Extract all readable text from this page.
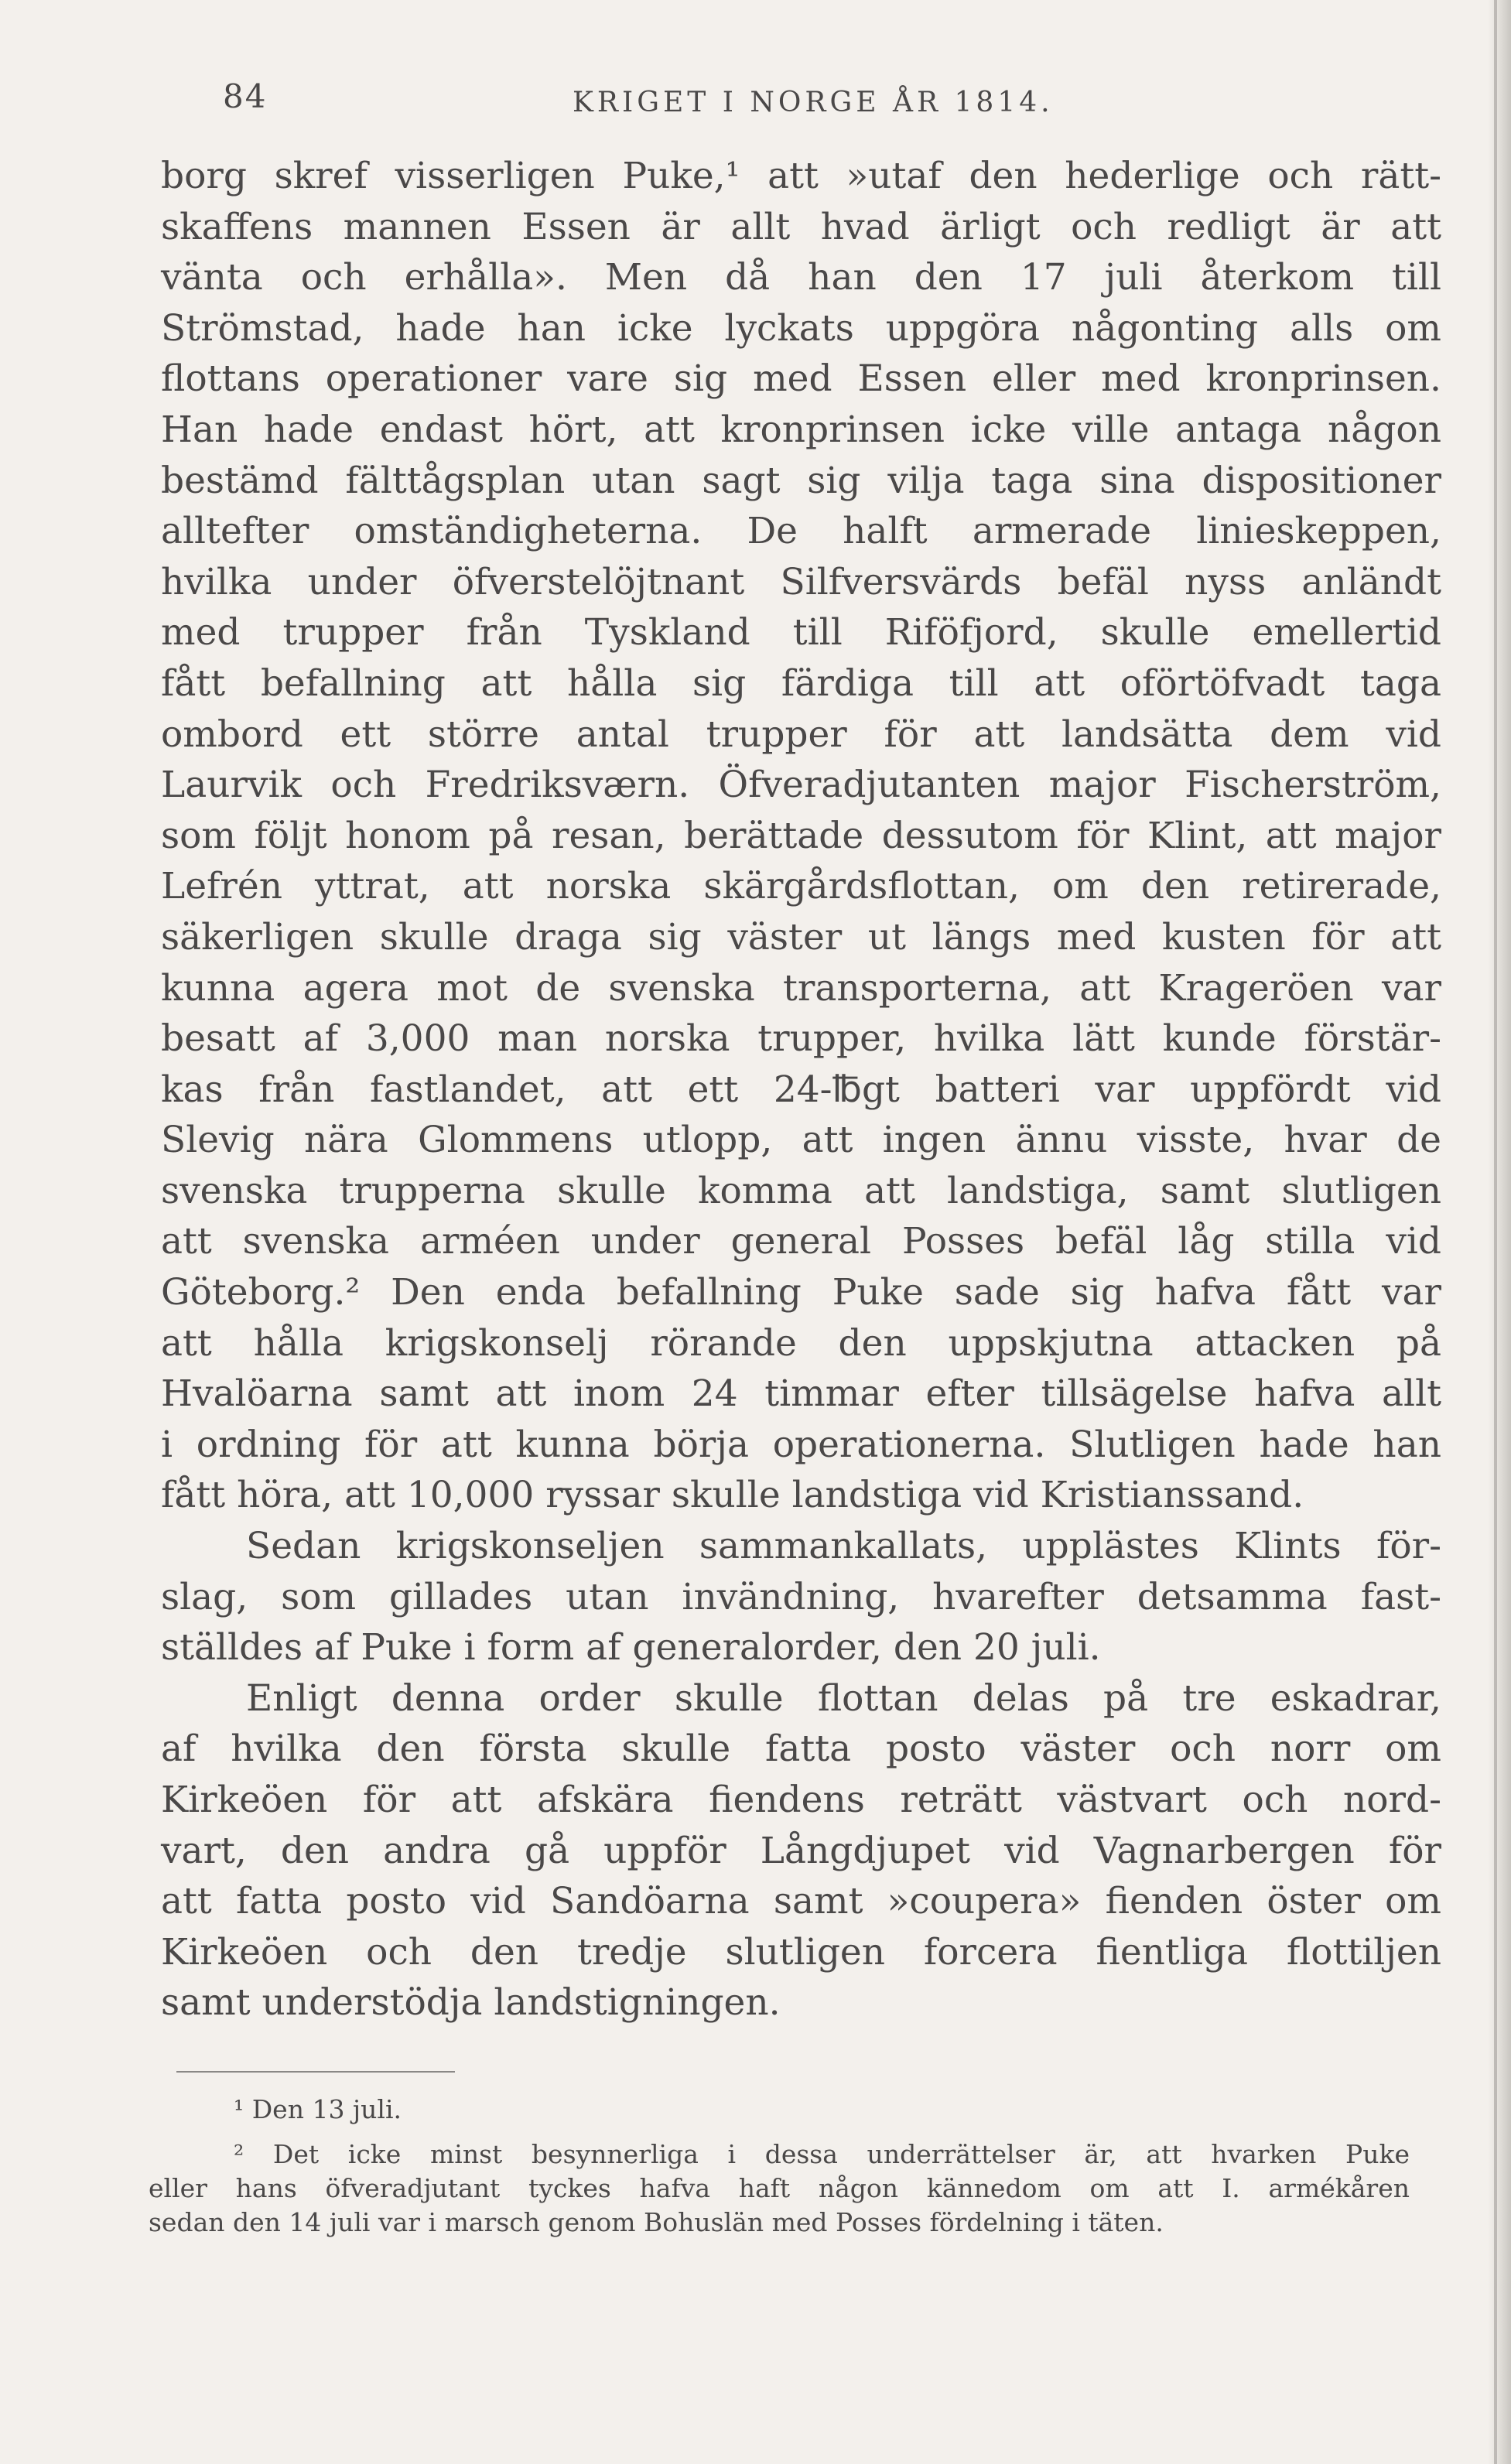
84	KRIGET I NORGE ÅR 1814.
borg skref visserligen Puke,¹ att »utaf den hederlige och rätt-
skaffens mannen Essen är allt hvad ärligt och redligt är att
vänta och erhålla». Men då han den 17 juli återkom till
Strömstad, hade han icke lyckats uppgöra någonting alls om
flottans operationer vare sig med Essen eller med kronprinsen.
Han hade endast hört, att kronprinsen icke ville antaga någon
bestämd fälttågsplan utan sagt sig vilja taga sina dispositioner
alltefter omständigheterna. De halft armerade linieskeppen,
hvilka under öfverstelöjtnant Silfversvärds befäl nyss anländt
med trupper från Tyskland till Riföfjord, skulle emellertid
fått befallning att hålla sig färdiga till att oförtöfvadt taga
ombord ett större antal trupper för att landsätta dem vid
Laurvik och Fredriksværn. Öfveradjutanten major Fischerström,
som följt honom på resan, berättade dessutom för Klint, att major
Lefrén yttrat, att norska skärgårdsflottan, om den retirerade,
säkerligen skulle draga sig väster ut längs med kusten för att
kunna agera mot de svenska transporterna, att Krageröen var
besatt af 3,000 man norska trupper, hvilka lätt kunde förstär-
kas från fastlandet, att ett 24-℔gt batteri var uppfördt vid
Slevig nära Glommens utlopp, att ingen ännu visste, hvar de
svenska trupperna skulle komma att landstiga, samt slutligen
att svenska arméen under general Posses befäl låg stilla vid
Göteborg.² Den enda befallning Puke sade sig hafva fått var
att hålla krigskonselj rörande den uppskjutna attacken på
Hvalöarna samt att inom 24 timmar efter tillsägelse hafva allt
i ordning för att kunna börja operationerna. Slutligen hade han
fått höra, att 10,000 ryssar skulle landstiga vid Kristianssand.
Sedan krigskonseljen sammankallats, upplästes Klints för-
slag, som gillades utan invändning, hvarefter detsamma fast-
ställdes af Puke i form af generalorder, den 20 juli.
Enligt denna order skulle flottan delas på tre eskadrar,
af hvilka den första skulle fatta posto väster och norr om
Kirkeöen för att afskära fiendens reträtt västvart och nord-
vart, den andra gå uppför Långdjupet vid Vagnarbergen för
att fatta posto vid Sandöarna samt »coupera» fienden öster om
Kirkeöen och den tredje slutligen forcera fientliga flottiljen
samt understödja landstigningen.
¹ Den 13 juli.
² Det icke minst besynnerliga i dessa underrättelser är, att hvarken Puke
eller hans öfveradjutant tyckes hafva haft någon kännedom om att I. armékåren
sedan den 14 juli var i marsch genom Bohuslän med Posses fördelning i täten.
